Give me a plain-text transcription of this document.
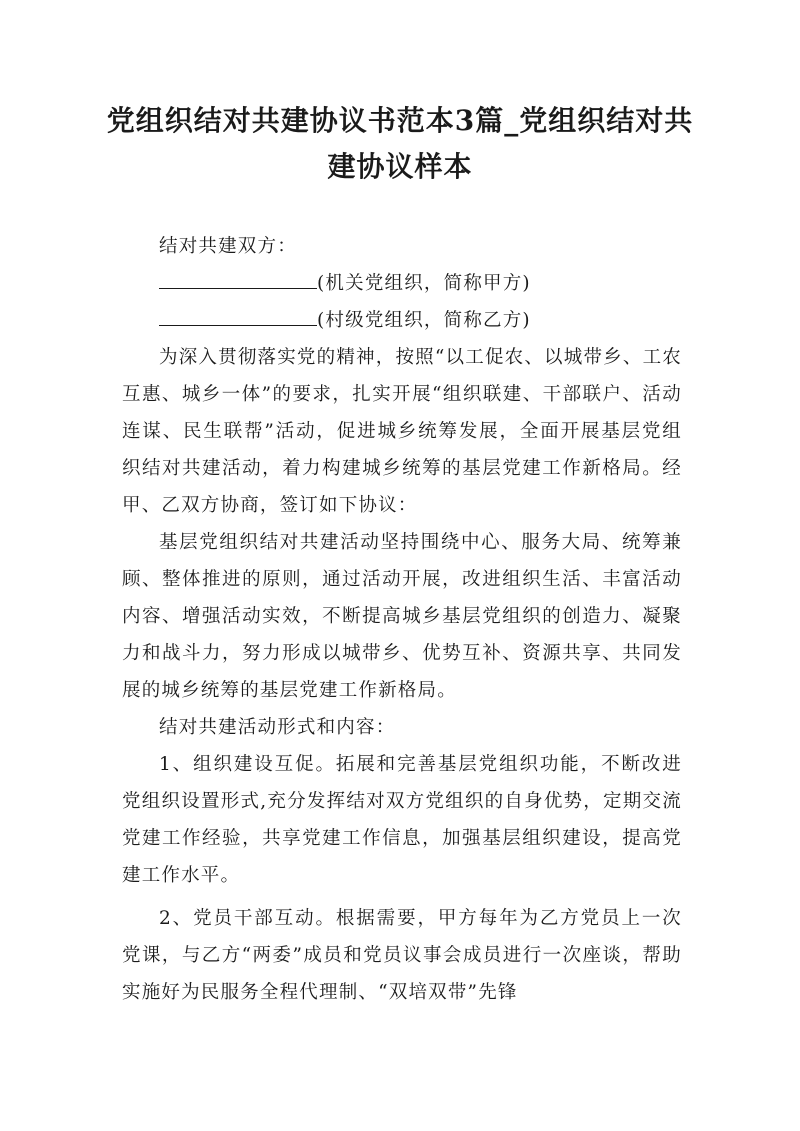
党组织结对共建协议书范本3篇_党组织结对共建协议样本

结对共建双方：

(机关党组织，简称甲方)

(村级党组织，简称乙方)

为深入贯彻落实党的精神，按照“以工促农、以城带乡、工农互惠、城乡一体”的要求，扎实开展“组织联建、干部联户、活动连谋、民生联帮”活动，促进城乡统筹发展，全面开展基层党组织结对共建活动，着力构建城乡统筹的基层党建工作新格局。经甲、乙双方协商，签订如下协议：

基层党组织结对共建活动坚持围绕中心、服务大局、统筹兼顾、整体推进的原则，通过活动开展，改进组织生活、丰富活动内容、增强活动实效，不断提高城乡基层党组织的创造力、凝聚力和战斗力，努力形成以城带乡、优势互补、资源共享、共同发展的城乡统筹的基层党建工作新格局。

结对共建活动形式和内容：

1、组织建设互促。拓展和完善基层党组织功能，不断改进党组织设置形式,充分发挥结对双方党组织的自身优势，定期交流党建工作经验，共享党建工作信息，加强基层组织建设，提高党建工作水平。

2、党员干部互动。根据需要，甲方每年为乙方党员上一次党课，与乙方“两委”成员和党员议事会成员进行一次座谈，帮助实施好为民服务全程代理制、“双培双带”先锋
